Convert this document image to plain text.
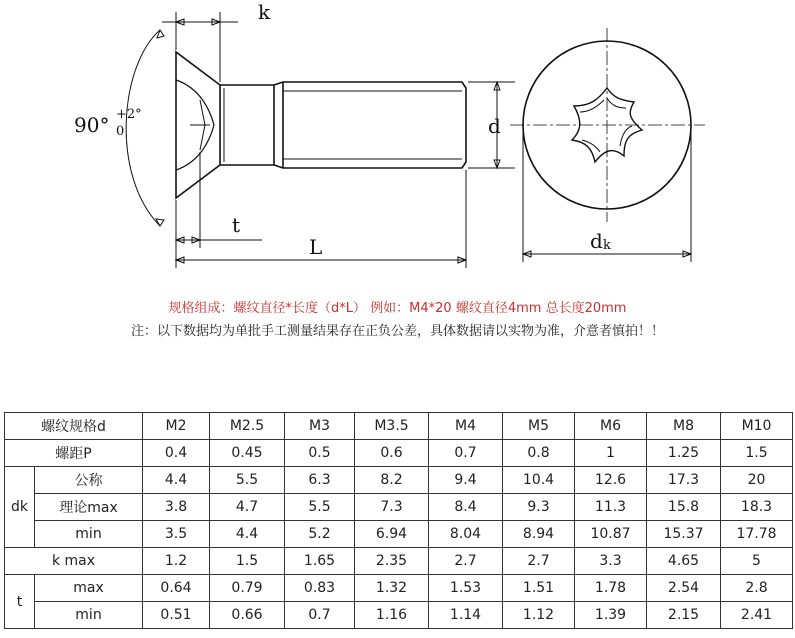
k
90° +2°
0	d
t
L	d k
规格组成：螺纹直径*长度（d*L） 例如：M4*20 螺纹直径4mm 总长度20mm
注：以下数据均为单批手工测量结果存在正负公差，具体数据请以实物为准，介意者慎拍！！
螺纹规格d		M2	M2.5	M3	M3.5	M4	M5	M6	M8	M10
螺距P		0.4	0.45	0.5	0.6	0.7	0.8	1	1.25	1.5
dk	公称	4.4	5.5	6.3	8.2	9.4	10.4	12.6	17.3	20
	理论max	3.8	4.7	5.5	7.3	8.4	9.3	11.3	15.8	18.3
	min	3.5	4.4	5.2	6.94	8.04	8.94	10.87	15.37	17.78
k max		1.2	1.5	1.65	2.35	2.7	2.7	3.3	4.65	5
t	max	0.64	0.79	0.83	1.32	1.53	1.51	1.78	2.54	2.8
	min	0.51	0.66	0.7	1.16	1.14	1.12	1.39	2.15	2.41
